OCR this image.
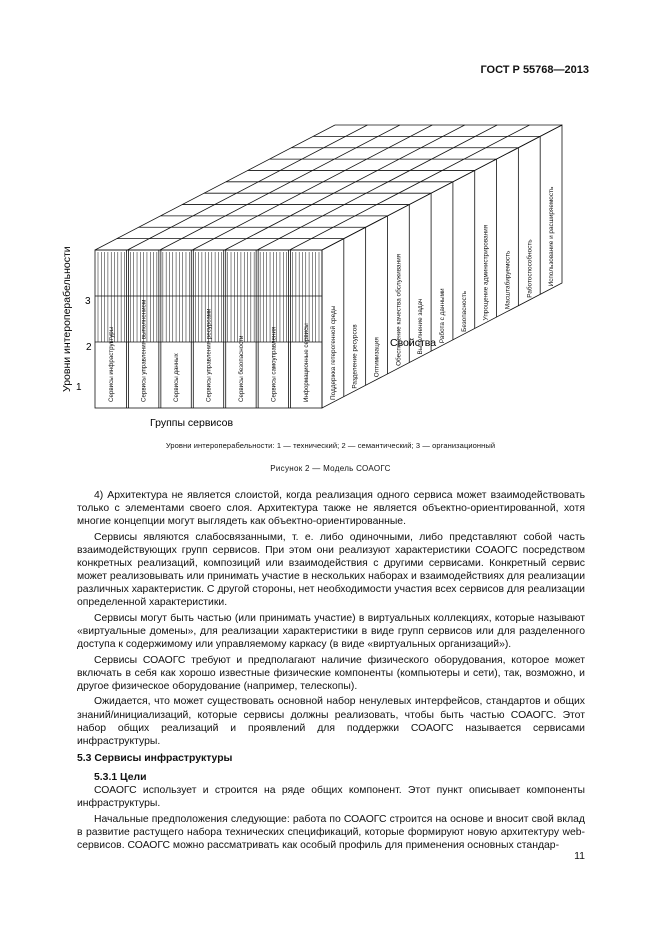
ГОСТ Р 55768—2013
Сервисы инфраструктуры	Сервисы управления выполнением	Сервисы данных	Сервисы управления ресурсами	Сервисы безопасности	Сервисы самоуправления	Информационные сервисы	Поддержка гетерогенной среды Разделение ресурсов Оптимизация Обеспечение качества обслуживания Выполнение задач Работа с данными Безопасность Упрощение администрирования Масштабируемость Работоспособность Использование и расширяемость
Уровни интероперабельности 1
2
3
Группы сервисов
Свойства
Уровни интероперабельности: 1 — технический; 2 — семантический; 3 — организационный
Рисунок 2 — Модель СОАОГС

4) Архитектура не является слоистой, когда реализация одного сервиса может взаимодействовать только с элементами своего слоя. Архитектура также не является объектно-ориентированной, хотя многие концепции могут выглядеть как объектно-ориентированные.

Сервисы являются слабосвязанными, т. е. либо одиночными, либо представляют собой часть взаимодействующих групп сервисов. При этом они реализуют характеристики СОАОГС посредством конкретных реализаций, композиций или взаимодействия с другими сервисами. Конкретный сервис может реализовывать или принимать участие в нескольких наборах и взаимодействиях для реализации различных характеристик. С другой стороны, нет необходимости участия всех сервисов для реализации определенной характеристики.

Сервисы могут быть частью (или принимать участие) в виртуальных коллекциях, которые называют «виртуальные домены», для реализации характеристики в виде групп сервисов или для разделенного доступа к содержимому или управляемому каркасу (в виде «виртуальных организаций»).

Сервисы СОАОГС требуют и предполагают наличие физического оборудования, которое может включать в себя как хорошо известные физические компоненты (компьютеры и сети), так, возможно, и другое физическое оборудование (например, телескопы).

Ожидается, что может существовать основной набор ненулевых интерфейсов, стандартов и общих знаний/инициализаций, которые сервисы должны реализовать, чтобы быть частью СОАОГС. Этот набор общих реализаций и проявлений для поддержки СОАОГС называется сервисами инфраструктуры.

5.3 Сервисы инфраструктуры
5.3.1 Цели

СОАОГС использует и строится на ряде общих компонент. Этот пункт описывает компоненты инфраструктуры.

Начальные предположения следующие: работа по СОАОГС строится на основе и вносит свой вклад в развитие растущего набора технических спецификаций, которые формируют новую архитектуру web-сервисов. СОАОГС можно рассматривать как особый профиль для применения основных стандар-

11
